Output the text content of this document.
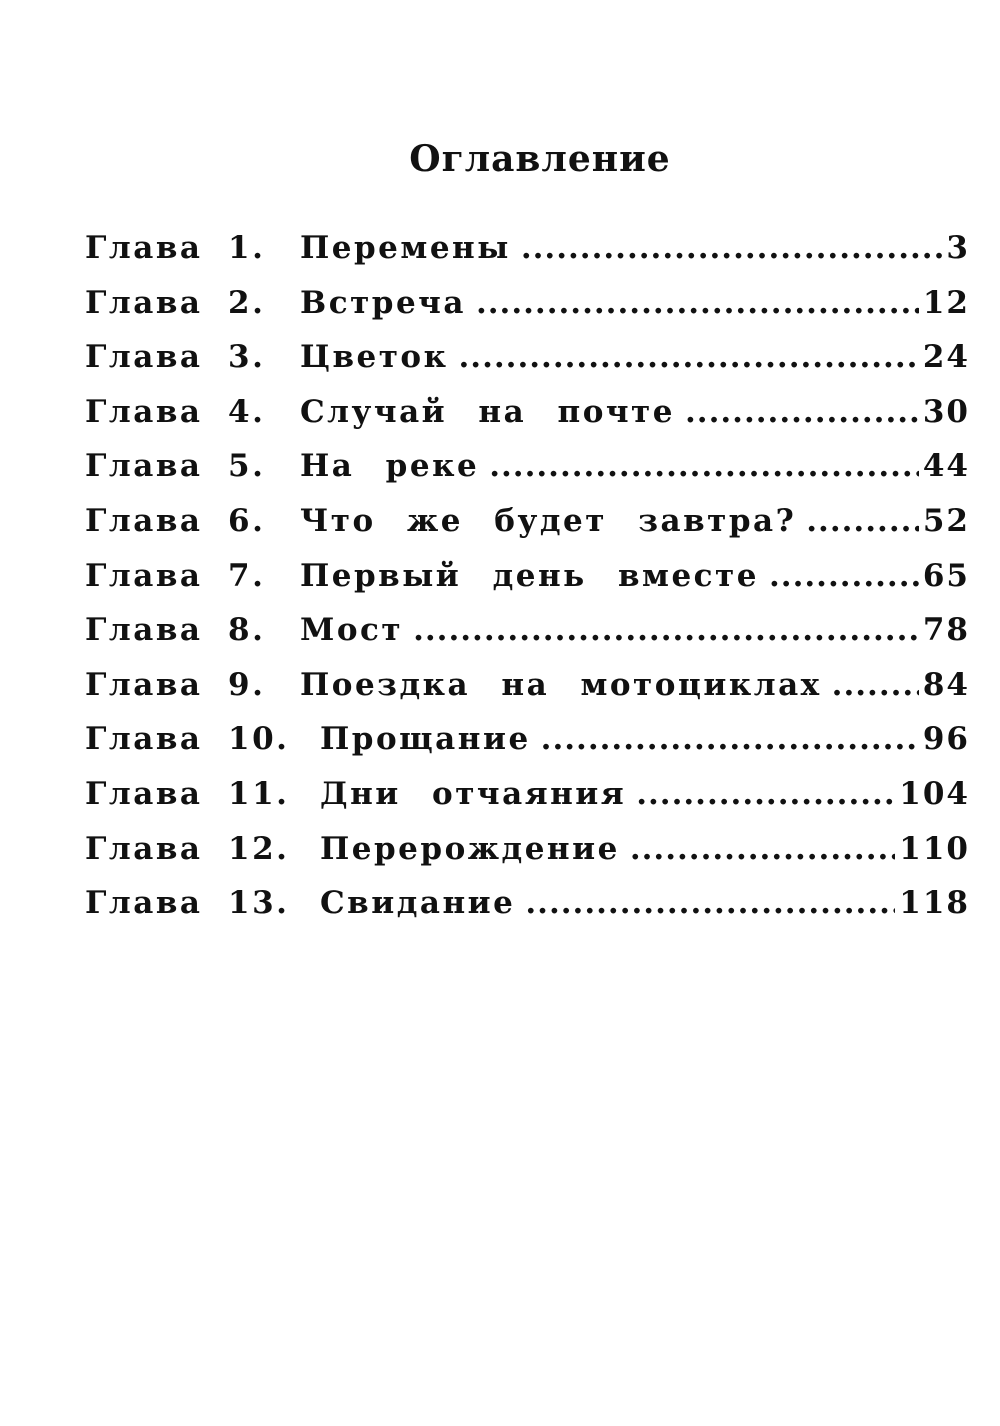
Оглавление
Глава 1.	Перемены .....	3
Глава 2.	Встреча .....	12
Глава 3.	Цветок .....	24
Глава 4.	Случай на почте .....	30
Глава 5.	На реке .....	44
Глава 6.	Что же будет завтра? .....	52
Глава 7.	Первый день вместе .....	65
Глава 8.	Мост .....	78
Глава 9.	Поездка на мотоциклах .....	84
Глава 10. Прощание .....	96
Глава 11. Дни отчаяния .....	104
Глава 12. Перерождение .....	110
Глава 13. Свидание .....	118
